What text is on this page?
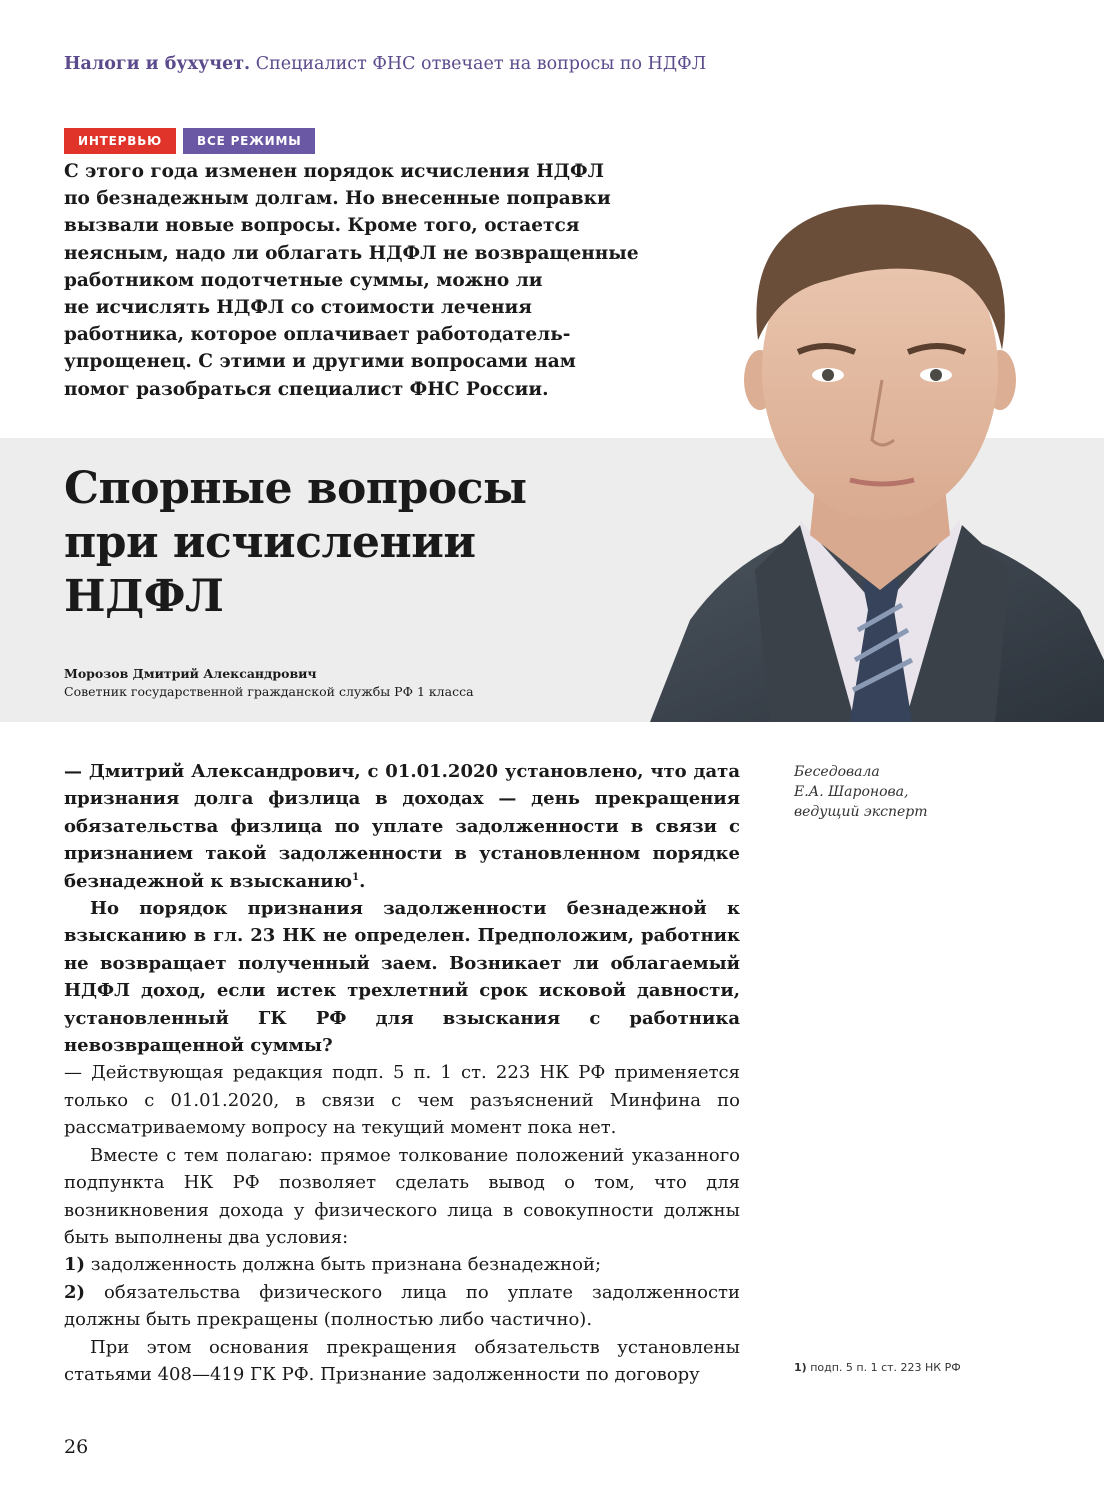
Налоги и бухучет. Специалист ФНС отвечает на вопросы по НДФЛ
ИНТЕРВЬЮ	ВСЕ РЕЖИМЫ

С этого года изменен порядок исчисления НДФЛ
по безнадежным долгам. Но внесенные поправки
вызвали новые вопросы. Кроме того, остается
неясным, надо ли облагать НДФЛ не возвращенные
работником подотчетные суммы, можно ли
не исчислять НДФЛ со стоимости лечения
работника, которое оплачивает работодатель-
упрощенец. С этими и другими вопросами нам
помог разобраться специалист ФНС России.

Спорные вопросы
при исчислении
НДФЛ
Морозов Дмитрий Александрович
Советник государственной гражданской службы РФ 1 класса
Беседовала
Е.А. Шаронова,
ведущий эксперт

— Дмитрий Александрович, с 01.01.2020 установлено, что дата признания долга физлица в доходах — день прекращения обязательства физлица по уплате задолженности в связи с признанием такой задолженности в установленном порядке безнадежной к взысканию$^1$.

Но порядок признания задолженности безнадежной к взысканию в гл. 23 НК не определен. Предположим, работник не возвращает полученный заем. Возникает ли облагаемый НДФЛ доход, если истек трехлетний срок исковой давности, установленный ГК РФ для взыскания с работника невозвращенной суммы?

— Действующая редакция подп. 5 п. 1 ст. 223 НК РФ применяется только с 01.01.2020, в связи с чем разъяснений Минфина по рассматриваемому вопросу на текущий момент пока нет.

Вместе с тем полагаю: прямое толкование положений указанного подпункта НК РФ позволяет сделать вывод о том, что для возникновения дохода у физического лица в совокупности должны быть выполнены два условия:

1) задолженность должна быть признана безнадежной;

2) обязательства физического лица по уплате задолженности должны быть прекращены (полностью либо частично).

При этом основания прекращения обязательств установлены статьями 408—419 ГК РФ. Признание задолженности по договору	1) подп. 5 п. 1 ст. 223 НК РФ
26
